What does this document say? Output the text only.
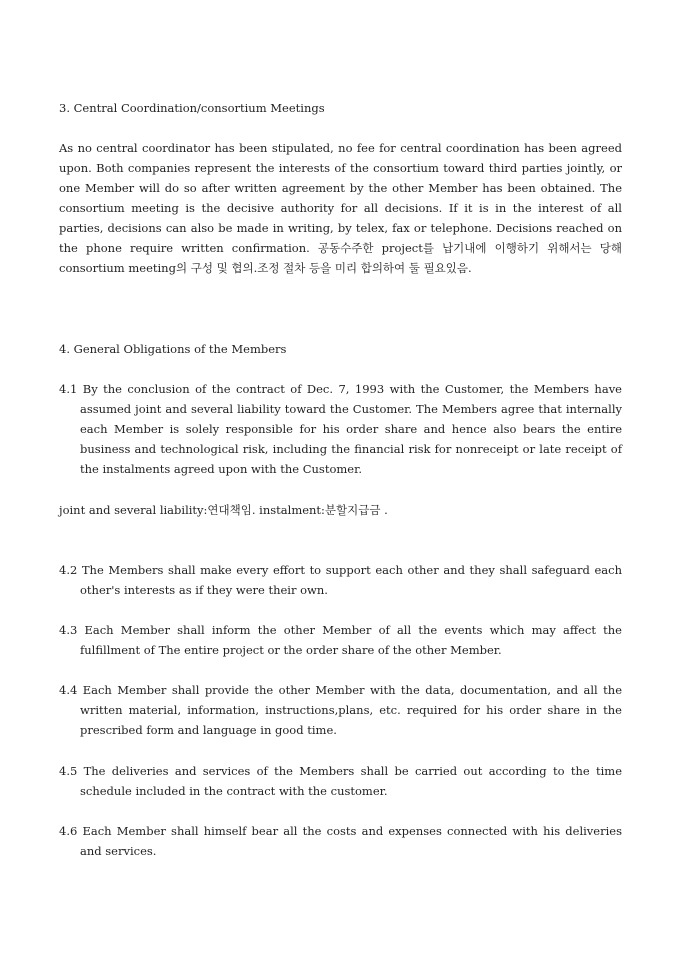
3. Central Coordination/consortium Meetings

As no central coordinator has been stipulated, no fee for central coordination has been agreed upon. Both companies represent the interests of the consortium toward third parties jointly, or one Member will do so after written agreement by the other Member has been obtained. The consortium meeting is the decisive authority for all decisions. If it is in the interest of all parties, decisions can also be made in writing, by telex, fax or telephone. Decisions reached on the phone require written confirmation. 공동수주한 project를 납기내에 이행하기 위해서는 당해 consortium meeting의 구성 및 협의.조정 절차 등을 미리 합의하여 둘 필요있음.

4. General Obligations of the Members

4.1 By the conclusion of the contract of Dec. 7, 1993 with the Customer, the Members have assumed joint and several liability toward the Customer. The Members agree that internally each Member is solely responsible for his order share and hence also bears the entire business and technological risk, including the financial risk for nonreceipt or late receipt of the instalments agreed upon with the Customer.

joint and several liability:연대책임. instalment:분할지급금 .

4.2 The Members shall make every effort to support each other and they shall safeguard each other's interests as if they were their own.

4.3 Each Member shall inform the other Member of all the events which may affect the fulfillment of The entire project or the order share of the other Member.

4.4 Each Member shall provide the other Member with the data, documentation, and all the written material, information, instructions,plans, etc. required for his order share in the prescribed form and language in good time.

4.5 The deliveries and services of the Members shall be carried out according to the time schedule included in the contract with the customer.

4.6 Each Member shall himself bear all the costs and expenses connected with his deliveries and services.
